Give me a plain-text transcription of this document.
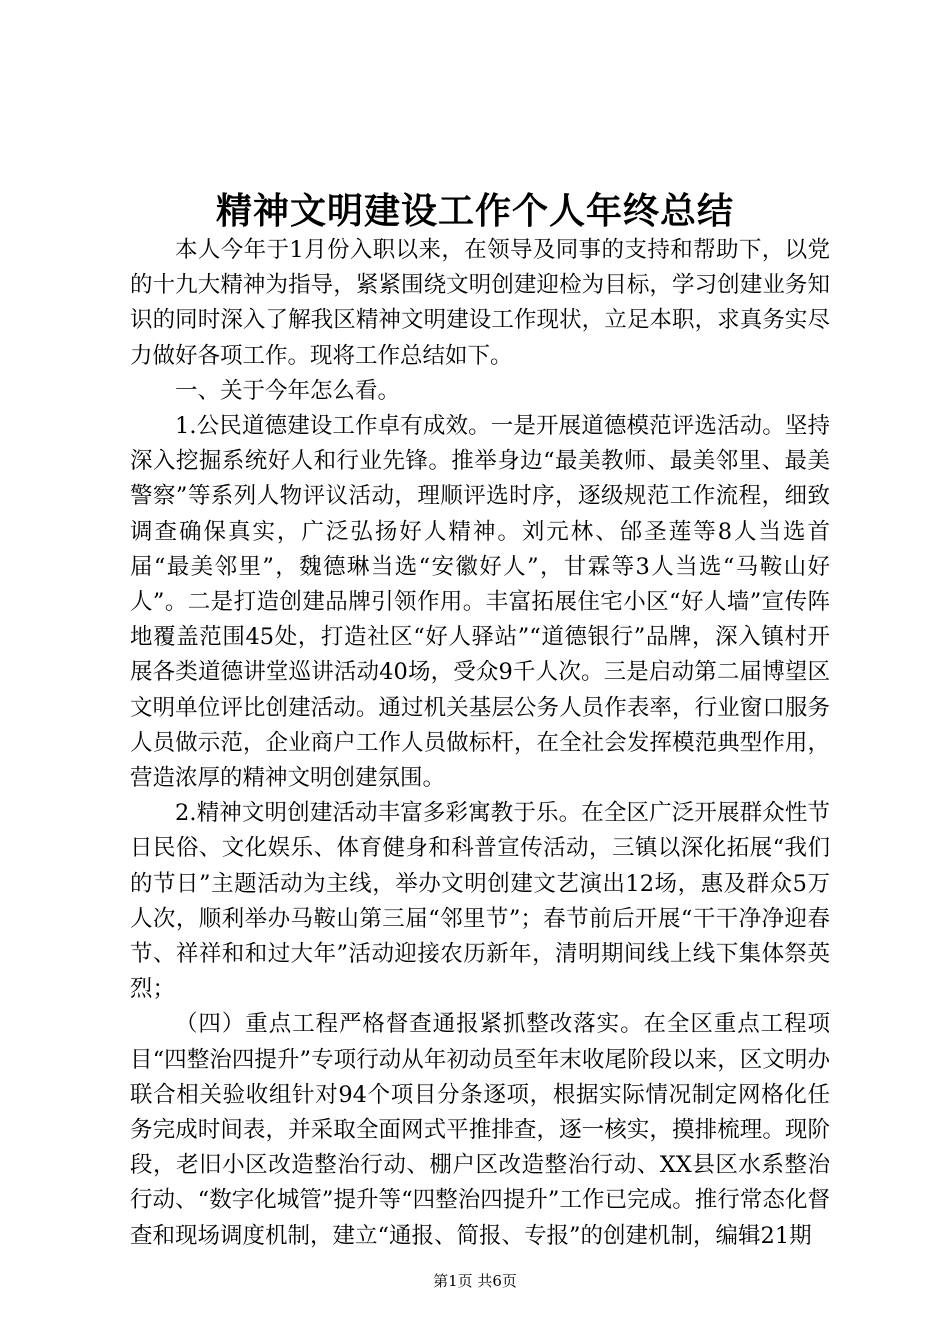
精神文明建设工作个人年终总结

本人今年于1月份入职以来，在领导及同事的支持和帮助下，以党的十九大精神为指导，紧紧围绕文明创建迎检为目标，学习创建业务知识的同时深入了解我区精神文明建设工作现状，立足本职，求真务实尽力做好各项工作。现将工作总结如下。

一、关于今年怎么看。

1.公民道德建设工作卓有成效。一是开展道德模范评选活动。坚持深入挖掘系统好人和行业先锋。推举身边“最美教师、最美邻里、最美警察”等系列人物评议活动，理顺评选时序，逐级规范工作流程，细致调查确保真实，广泛弘扬好人精神。刘元林、邰圣莲等8人当选首届“最美邻里”，魏德琳当选“安徽好人”，甘霖等3人当选“马鞍山好人”。二是打造创建品牌引领作用。丰富拓展住宅小区“好人墙”宣传阵地覆盖范围45处，打造社区“好人驿站”“道德银行”品牌，深入镇村开展各类道德讲堂巡讲活动40场，受众9千人次。三是启动第二届博望区文明单位评比创建活动。通过机关基层公务人员作表率，行业窗口服务人员做示范，企业商户工作人员做标杆，在全社会发挥模范典型作用，营造浓厚的精神文明创建氛围。

2.精神文明创建活动丰富多彩寓教于乐。在全区广泛开展群众性节日民俗、文化娱乐、体育健身和科普宣传活动，三镇以深化拓展“我们的节日”主题活动为主线，举办文明创建文艺演出12场，惠及群众5万人次，顺利举办马鞍山第三届“邻里节”；春节前后开展“干干净净迎春节、祥祥和和过大年”活动迎接农历新年，清明期间线上线下集体祭英烈；

（四）重点工程严格督查通报紧抓整改落实。在全区重点工程项目“四整治四提升”专项行动从年初动员至年末收尾阶段以来，区文明办联合相关验收组针对94个项目分条逐项，根据实际情况制定网格化任务完成时间表，并采取全面网式平推排查，逐一核实，摸排梳理。现阶段，老旧小区改造整治行动、棚户区改造整治行动、XX县区水系整治行动、“数字化城管”提升等“四整治四提升”工作已完成。推行常态化督查和现场调度机制，建立“通报、简报、专报”的创建机制，编辑21期

第1页 共6页
